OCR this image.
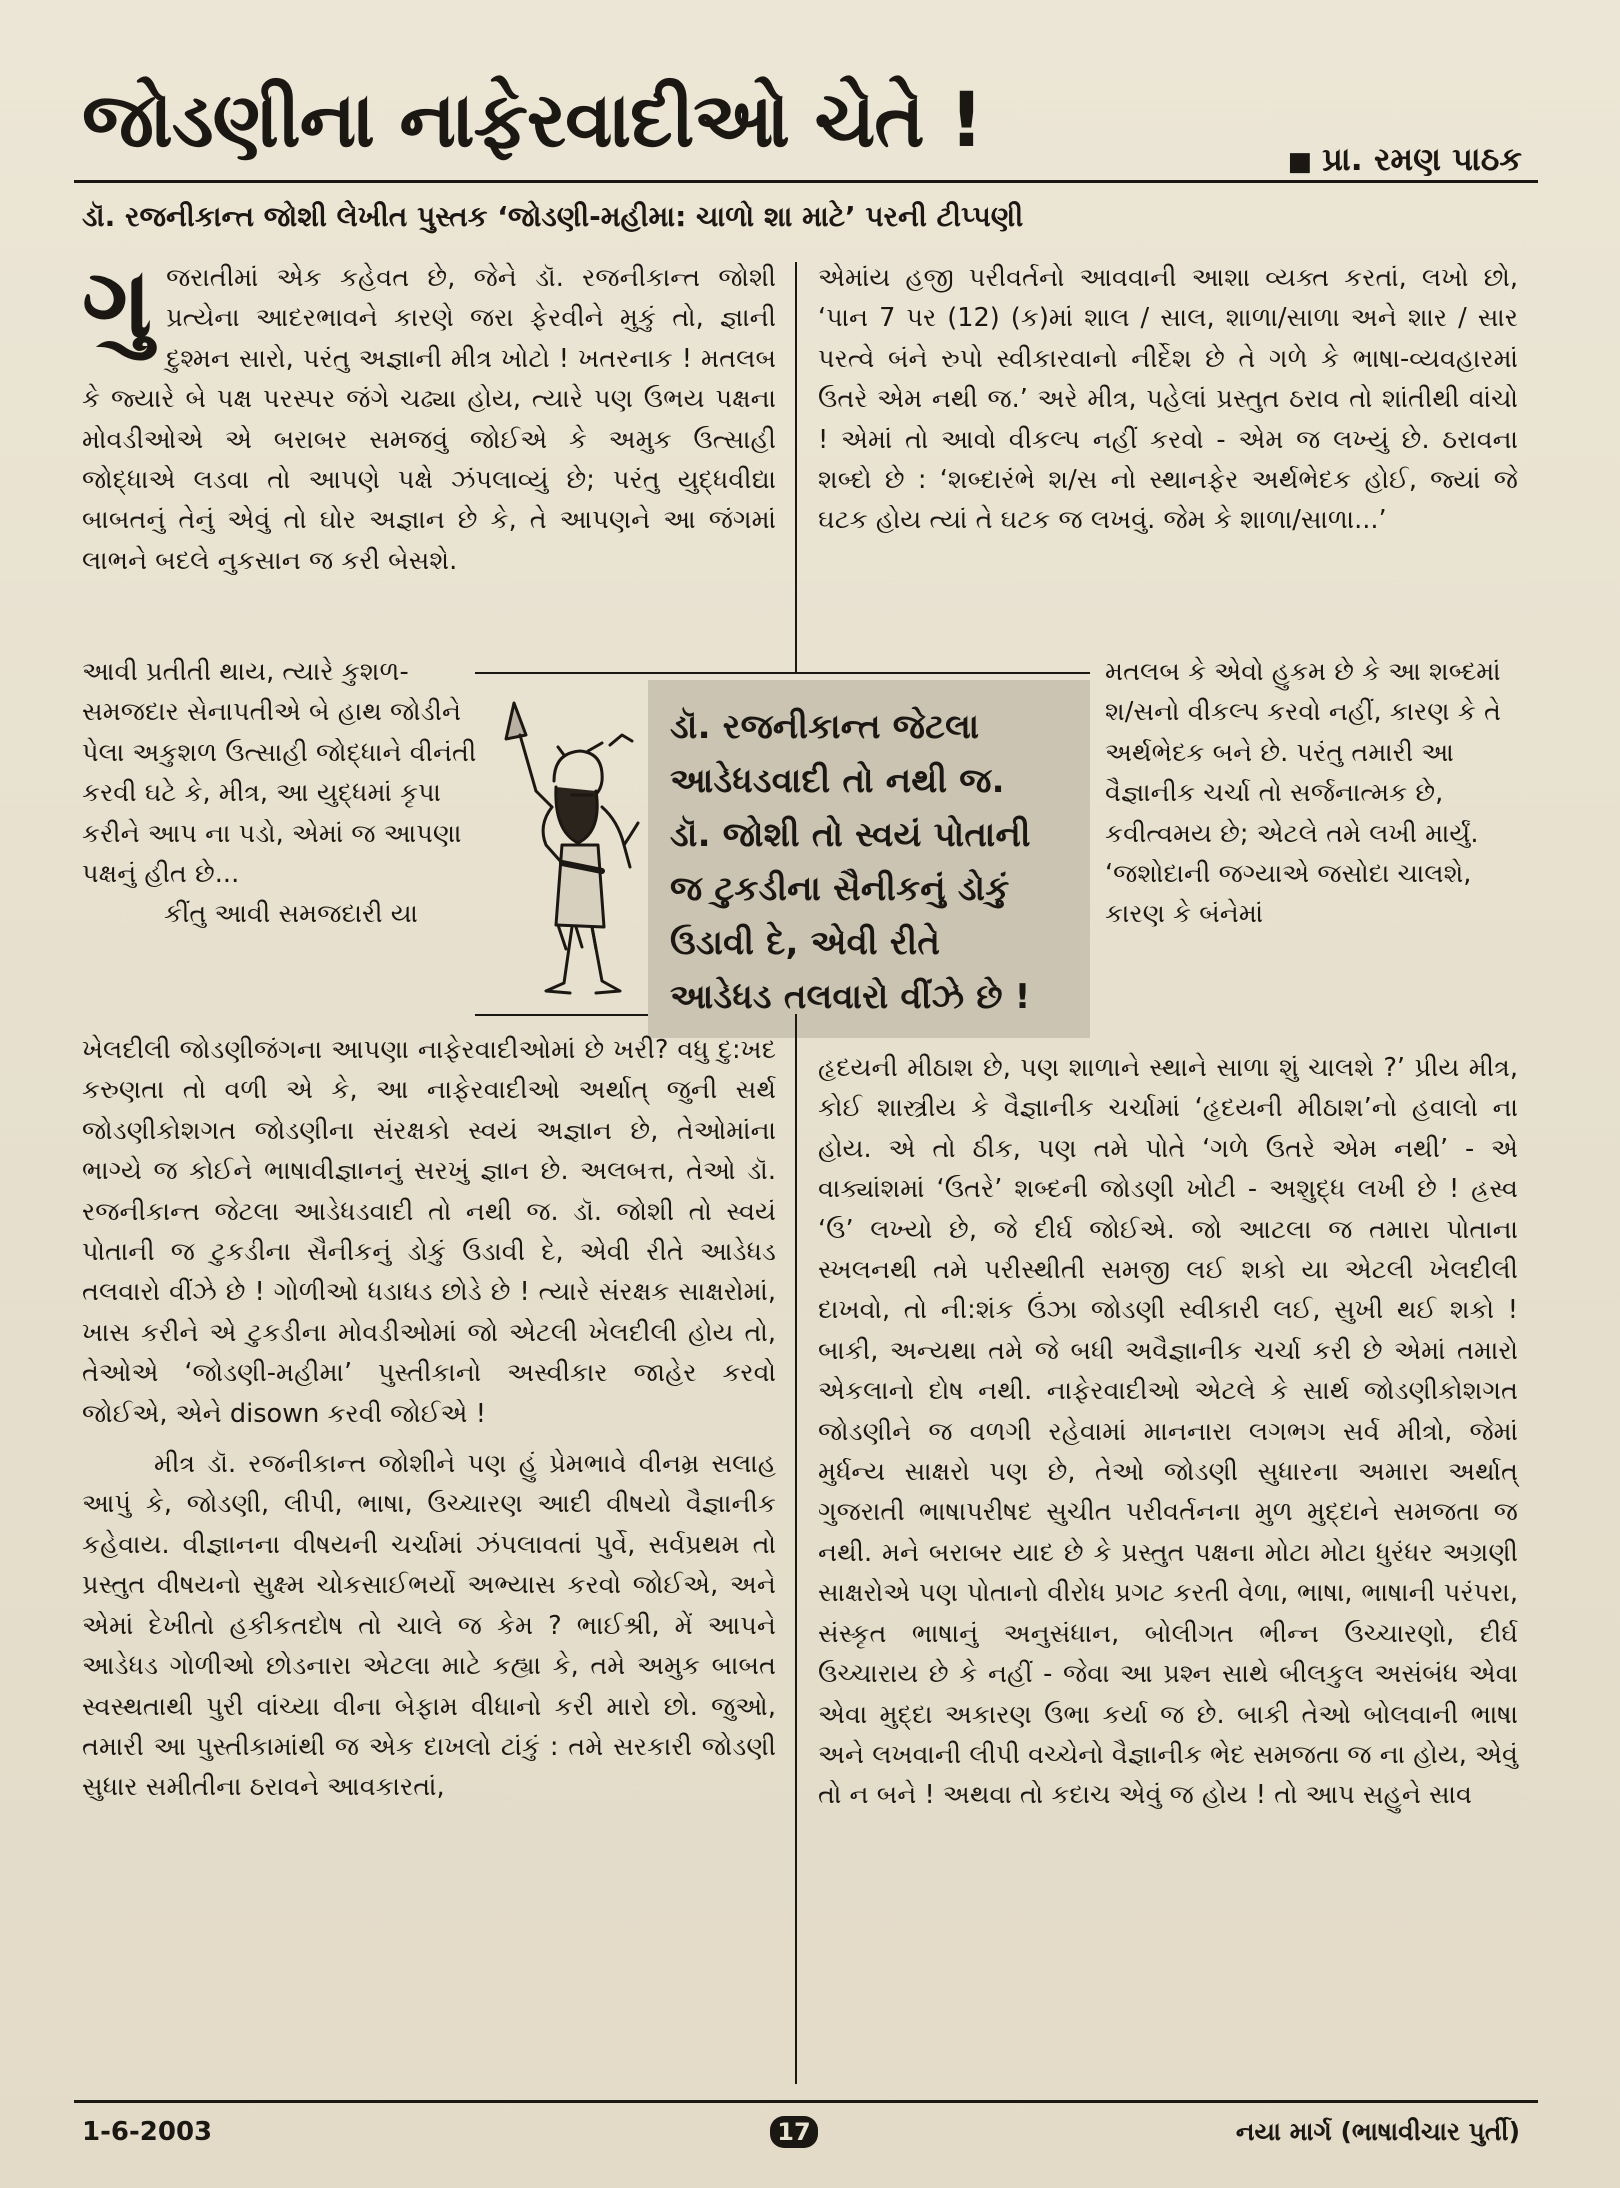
જોડણીના નાફેરવાદીઓ ચેતે !	■ પ્રા. રમણ પાઠક
ડૉ. રજનીકાન્ત જોશી લેખીત પુસ્તક ‘જોડણી-મહીમા: ચાળો શા માટે’ પરની ટીપ્પણી
ગુ જરાતીમાં એક કહેવત છે, જેને ડૉ. રજનીકાન્ત જોશી પ્રત્યેના આદરભાવને કારણે જરા ફેરવીને મુકું તો, જ્ઞાની દુશ્મન સારો, પરંતુ અજ્ઞાની મીત્ર ખોટો ! ખતરનાક ! મતલબ કે જ્યારે બે પક્ષ પરસ્પર જંગે ચઢ્યા હોય, ત્યારે પણ ઉભય પક્ષના મોવડીઓએ એ બરાબર સમજવું જોઈએ કે અમુક ઉત્સાહી જોદ્ધાએ લડવા તો આપણે પક્ષે ઝંપલાવ્યું છે; પરંતુ યુદ્ધવીદ્યા બાબતનું તેનું એવું તો ઘોર અજ્ઞાન છે કે, તે આપણને આ જંગમાં લાભને બદલે નુકસાન જ કરી બેસશે.

આવી પ્રતીતી થાય, ત્યારે કુશળ-સમજદાર સેનાપતીએ બે હાથ જોડીને પેલા અકુશળ ઉત્સાહી જોદ્ધાને વીનંતી કરવી ઘટે કે, મીત્ર, આ યુદ્ધમાં કૃપા કરીને આપ ના પડો, એમાં જ આપણા પક્ષનું હીત છે...

કીંતુ આવી સમજદારી યા

ડૉ. રજનીકાન્ત જેટલા

આડેધડવાદી તો નથી જ.

ડૉ. જોશી તો સ્વયં પોતાની

જ ટુકડીના સૈનીકનું ડોકું

ઉડાવી દે, એવી રીતે

આડેધડ તલવારો વીંઝે છે !

ખેલદીલી જોડણીજંગના આપણા નાફેરવાદીઓમાં છે ખરી? વધુ દુ:ખદ કરુણતા તો વળી એ કે, આ નાફેરવાદીઓ અર્થાત્ જુની સર્થ જોડણીકોશગત જોડણીના સંરક્ષકો સ્વયં અજ્ઞાન છે, તેઓમાંના ભાગ્યે જ કોઈને ભાષાવીજ્ઞાનનું સરખું જ્ઞાન છે. અલબત્ત, તેઓ ડૉ. રજનીકાન્ત જેટલા આડેધડવાદી તો નથી જ. ડૉ. જોશી તો સ્વયં પોતાની જ ટુકડીના સૈનીકનું ડોકું ઉડાવી દે, એવી રીતે આડેધડ તલવારો વીંઝે છે ! ગોળીઓ ધડાધડ છોડે છે ! ત્યારે સંરક્ષક સાક્ષરોમાં, ખાસ કરીને એ ટુકડીના મોવડીઓમાં જો એટલી ખેલદીલી હોય તો, તેઓએ ‘જોડણી-મહીમા’ પુસ્તીકાનો અસ્વીકાર જાહેર કરવો જોઈએ, એને disown કરવી જોઈએ !

મીત્ર ડૉ. રજનીકાન્ત જોશીને પણ હું પ્રેમભાવે વીનમ્ર સલાહ આપું કે, જોડણી, લીપી, ભાષા, ઉચ્ચારણ આદી વીષયો વૈજ્ઞાનીક કહેવાય. વીજ્ઞાનના વીષયની ચર્ચામાં ઝંપલાવતાં પુર્વે, સર્વપ્રથમ તો પ્રસ્તુત વીષયનો સુક્ષ્મ ચોકસાઈભર્યો અભ્યાસ કરવો જોઈએ, અને એમાં દેખીતો હકીકતદોષ તો ચાલે જ કેમ ? ભાઈશ્રી, મેં આપને આડેધડ ગોળીઓ છોડનારા એટલા માટે કહ્યા કે, તમે અમુક બાબત સ્વસ્થતાથી પુરી વાંચ્યા વીના બેફામ વીધાનો કરી મારો છો. જુઓ, તમારી આ પુસ્તીકામાંથી જ એક દાખલો ટાંકું : તમે સરકારી જોડણી સુધાર સમીતીના ઠરાવને આવકારતાં,

એમાંય હજી પરીવર્તનો આવવાની આશા વ્યક્ત કરતાં, લખો છો, ‘પાન 7 પર (12) (ક)માં શાલ / સાલ, શાળા/સાળા અને શાર / સાર પરત્વે બંને રુપો સ્વીકારવાનો નીર્દેશ છે તે ગળે કે ભાષા-વ્યવહારમાં ઉતરે એમ નથી જ.’ અરે મીત્ર, પહેલાં પ્રસ્તુત ઠરાવ તો શાંતીથી વાંચો ! એમાં તો આવો વીકલ્પ નહીં કરવો - એમ જ લખ્યું છે. ઠરાવના શબ્દો છે : ‘શબ્દારંભે શ/સ નો સ્થાનફેર અર્થભેદક હોઈ, જ્યાં જે ઘટક હોય ત્યાં તે ઘટક જ લખવું. જેમ કે શાળા/સાળા...’

મતલબ કે એવો હુકમ છે કે આ શબ્દમાં શ/સનો વીકલ્પ કરવો નહીં, કારણ કે તે અર્થભેદક બને છે. પરંતુ તમારી આ વૈજ્ઞાનીક ચર્ચા તો સર્જનાત્મક છે, કવીત્વમય છે; એટલે તમે લખી માર્યું. ‘જશોદાની જગ્યાએ જસોદા ચાલશે, કારણ કે બંનેમાં

હૃદયની મીઠાશ છે, પણ શાળાને સ્થાને સાળા શું ચાલશે ?’ પ્રીય મીત્ર, કોઈ શાસ્ત્રીય કે વૈજ્ઞાનીક ચર્ચામાં ‘હૃદયની મીઠાશ’નો હવાલો ના હોય. એ તો ઠીક, પણ તમે પોતે ‘ગળે ઉતરે એમ નથી’ - એ વાક્યાંશમાં ‘ઉતરે’ શબ્દની જોડણી ખોટી - અશુદ્ધ લખી છે ! હ્રસ્વ ‘ઉ’ લખ્યો છે, જે દીર્ઘ જોઈએ. જો આટલા જ તમારા પોતાના સ્ખલનથી તમે પરીસ્થીતી સમજી લઈ શકો યા એટલી ખેલદીલી દાખવો, તો ની:શંક ઉંઝા જોડણી સ્વીકારી લઈ, સુખી થઈ શકો ! બાકી, અન્યથા તમે જે બધી અવૈજ્ઞાનીક ચર્ચા કરી છે એમાં તમારો એકલાનો દોષ નથી. નાફેરવાદીઓ એટલે કે સાર્થ જોડણીકોશગત જોડણીને જ વળગી રહેવામાં માનનારા લગભગ સર્વ મીત્રો, જેમાં મુર્ધન્ય સાક્ષરો પણ છે, તેઓ જોડણી સુધારના અમારા અર્થાત્ ગુજરાતી ભાષાપરીષદ સુચીત પરીવર્તનના મુળ મુદ્દાને સમજતા જ નથી. મને બરાબર યાદ છે કે પ્રસ્તુત પક્ષના મોટા મોટા ધુરંધર અગ્રણી સાક્ષરોએ પણ પોતાનો વીરોધ પ્રગટ કરતી વેળા, ભાષા, ભાષાની પરંપરા, સંસ્કૃત ભાષાનું અનુસંધાન, બોલીગત ભીન્ન ઉચ્ચારણો, દીર્ઘ ઉચ્ચારાય છે કે નહીં - જેવા આ પ્રશ્ન સાથે બીલકુલ અસંબંધ એવા એવા મુદ્દા અકારણ ઉભા કર્યા જ છે. બાકી તેઓ બોલવાની ભાષા અને લખવાની લીપી વચ્ચેનો વૈજ્ઞાનીક ભેદ સમજતા જ ના હોય, એવું તો ન બને ! અથવા તો કદાચ એવું જ હોય ! તો આપ સહુને સાવ

1-6-2003	17	નયા માર્ગ (ભાષાવીચાર પુર્તી)
